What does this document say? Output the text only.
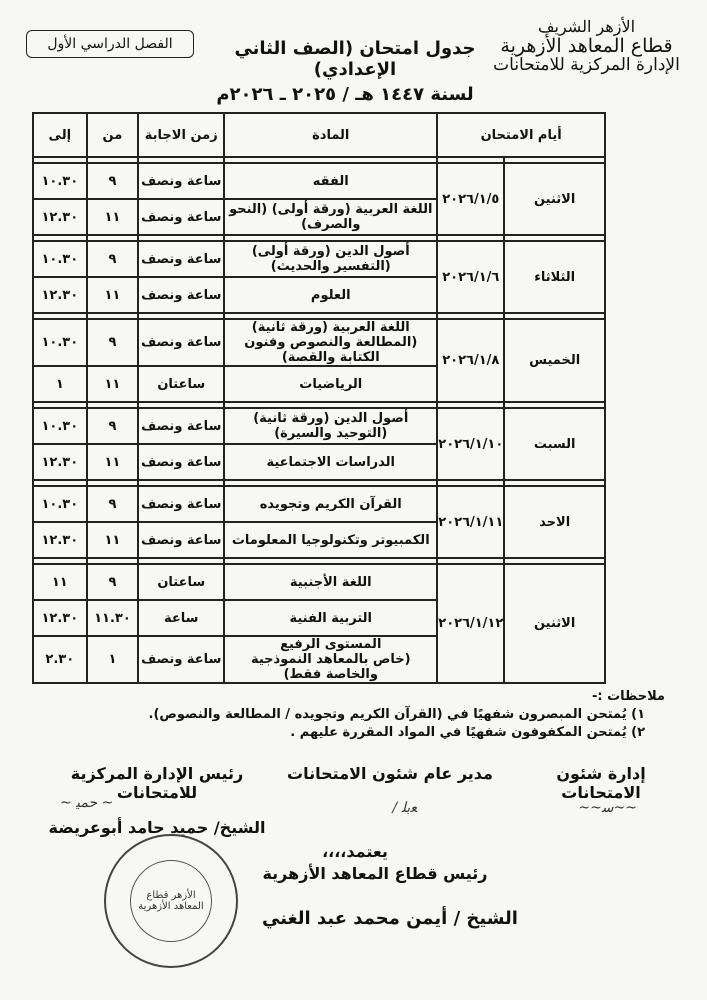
الأزهر الشريف
قطاع المعاهد الأزهرية
الإدارة المركزية للامتحانات
الفصل الدراسي الأول	جدول امتحان (الصف الثاني الإعدادي)
لسنة ١٤٤٧ هـ / ٢٠٢٥ ـ ٢٠٢٦م
أيام الامتحان		المادة	زمن الاجابة	من	إلى

الاثنين	٢٠٢٦/١/٥	الفقه	ساعة ونصف	٩	١٠.٣٠

		اللغة العربية (ورقة أولى) (النحو والصرف)	ساعة ونصف	١١	١٢.٣٠

الثلاثاء	٢٠٢٦/١/٦	أصول الدين (ورقة أولى)
(التفسير والحديث)	ساعة ونصف	٩	١٠.٣٠

		العلوم	ساعة ونصف	١١	١٢.٣٠

الخميس	٢٠٢٦/١/٨	اللغة العربية (ورقة ثانية)
(المطالعة والنصوص وفنون الكتابة والقصة)	ساعة ونصف	٩	١٠.٣٠

		الرياضيات	ساعتان	١١	١

السبت	٢٠٢٦/١/١٠	أصول الدين (ورقة ثانية)
(التوحيد والسيرة)	ساعة ونصف	٩	١٠.٣٠

		الدراسات الاجتماعية	ساعة ونصف	١١	١٢.٣٠

الاحد	٢٠٢٦/١/١١	القرآن الكريم وتجويده	ساعة ونصف	٩	١٠.٣٠

		الكمبيوتر وتكنولوجيا المعلومات	ساعة ونصف	١١	١٢.٣٠

الاثنين	٢٠٢٦/١/١٢	اللغة الأجنبية	ساعتان	٩	١١

		التربية الفنية	ساعة	١١.٣٠	١٢.٣٠

		المستوى الرفيع
(خاص بالمعاهد النموذجية والخاصة فقط)	ساعة ونصف	١	٢.٣٠
ملاحظات :-
١) يُمتحن المبصرون شفهيًا في (القرآن الكريم وتجويده / المطالعة والنصوص).
٢) يُمتحن المكفوفون شفهيًا في المواد المقررة عليهم .
إدارة شئون الامتحانات
~~ﺳ~~
مدير عام شئون الامتحانات
ﻌﺑﻠ /
رئيس الإدارة المركزية للامتحانات
~ ﺣﻤﻴ ~
الشيخ/ حميد حامد أبوعريضة
يعتمد،،،،
رئيس قطاع المعاهد الأزهرية
الشيخ / أيمن محمد عبد الغني
الأزهر قطاع المعاهد الأزهرية
